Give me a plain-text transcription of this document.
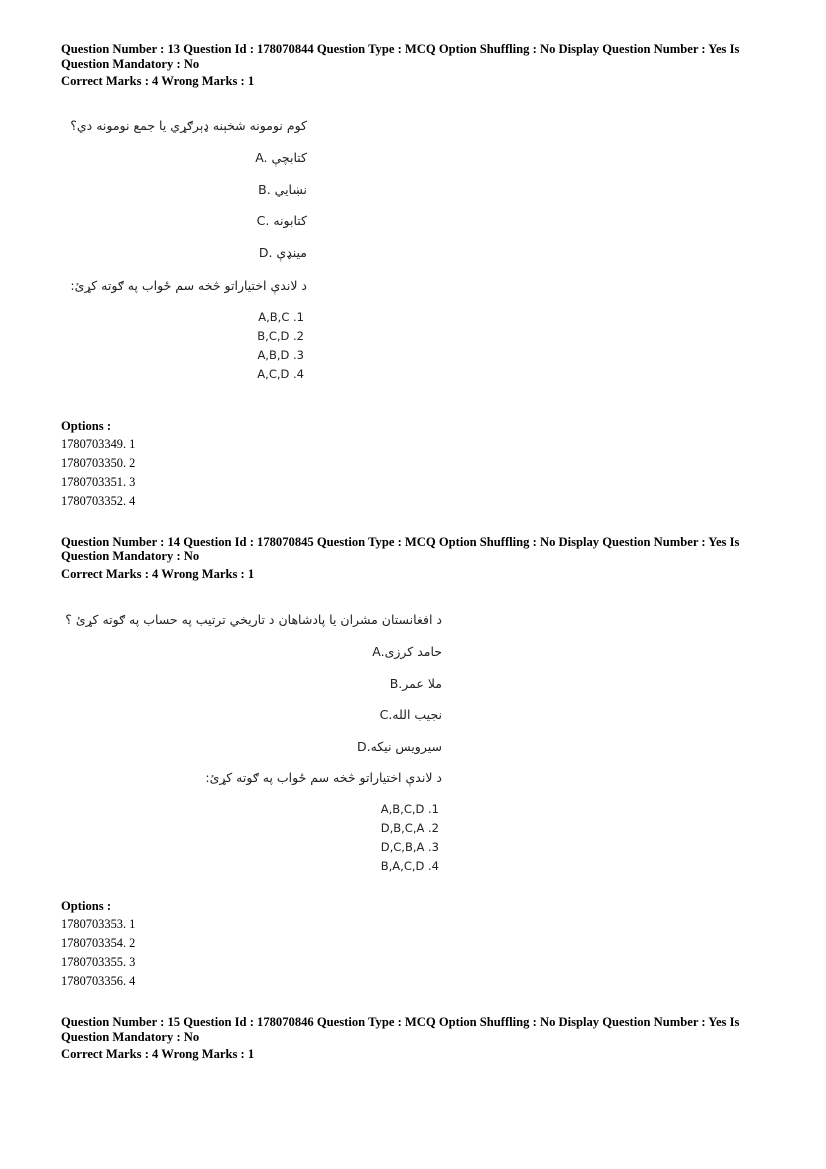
Question Number : 13 Question Id : 178070844 Question Type : MCQ Option Shuffling : No Display Question Number : Yes Is
Question Mandatory : No
Correct Marks : 4 Wrong Marks : 1
کوم نومونه شخېنه ډېرګړي یا جمع نومونه دي؟
A. کتابچې
B. نښايي
C. کتابونه
D. مينډې
د لاندې اختیاراتو څخه سم ځواب په ګوته کړئ:
A,B,C .1
B,C,D .2
A,B,D .3
A,C,D .4
Options :
1780703349. 1
1780703350. 2
1780703351. 3
1780703352. 4
Question Number : 14 Question Id : 178070845 Question Type : MCQ Option Shuffling : No Display Question Number : Yes Is
Question Mandatory : No
Correct Marks : 4 Wrong Marks : 1
د افغانستان مشران یا پادشاهان د تاریخي ترتیب په حساب په ګوته کړئ ؟
A.حامد کرزی
B.ملا عمر
C.نجیب الله
D.سیرویس نیکه
د لاندې اختیاراتو څخه سم ځواب په ګوته کړئ:
A,B,C,D .1
D,B,C,A .2
D,C,B,A .3
B,A,C,D .4
Options :
1780703353. 1
1780703354. 2
1780703355. 3
1780703356. 4
Question Number : 15 Question Id : 178070846 Question Type : MCQ Option Shuffling : No Display Question Number : Yes Is
Question Mandatory : No
Correct Marks : 4 Wrong Marks : 1
